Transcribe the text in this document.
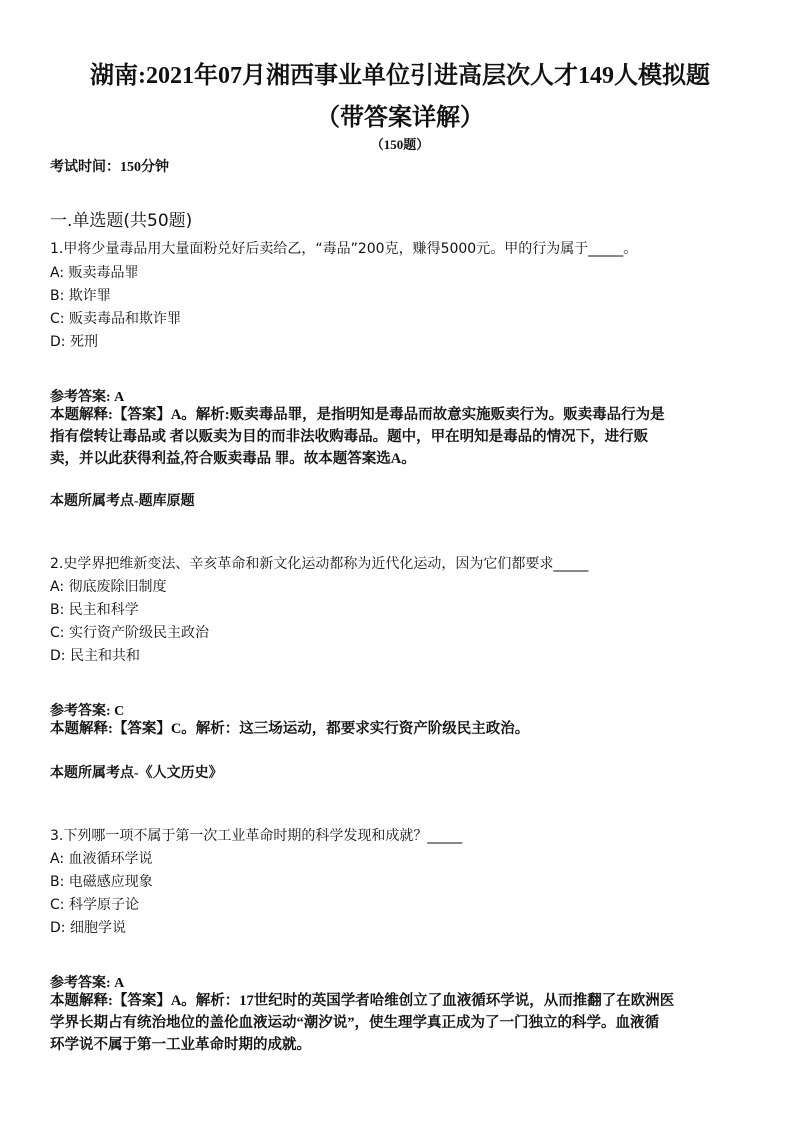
湖南:2021年07月湘西事业单位引进高层次人才149人模拟题
（带答案详解）
（150题）
考试时间：150分钟
一.单选题(共50题)
1.甲将少量毒品用大量面粉兑好后卖给乙，“毒品”200克，赚得5000元。甲的行为属于_____。
A: 贩卖毒品罪
B: 欺诈罪
C: 贩卖毒品和欺诈罪
D: 死刑
参考答案: A
本题解释:【答案】A。解析:贩卖毒品罪，是指明知是毒品而故意实施贩卖行为。贩卖毒品行为是
指有偿转让毒品或 者以贩卖为目的而非法收购毒品。题中，甲在明知是毒品的情况下，进行贩
卖，并以此获得利益,符合贩卖毒品 罪。故本题答案选A。
本题所属考点-题库原题
2.史学界把维新变法、辛亥革命和新文化运动都称为近代化运动，因为它们都要求_____
A: 彻底废除旧制度
B: 民主和科学
C: 实行资产阶级民主政治
D: 民主和共和
参考答案: C
本题解释:【答案】C。解析：这三场运动，都要求实行资产阶级民主政治。
本题所属考点-《人文历史》
3.下列哪一项不属于第一次工业革命时期的科学发现和成就？_____
A: 血液循环学说
B: 电磁感应现象
C: 科学原子论
D: 细胞学说
参考答案: A
本题解释:【答案】A。解析：17世纪时的英国学者哈维创立了血液循环学说，从而推翻了在欧洲医
学界长期占有统治地位的盖伦血液运动“潮汐说”，使生理学真正成为了一门独立的科学。血液循
环学说不属于第一工业革命时期的成就。
